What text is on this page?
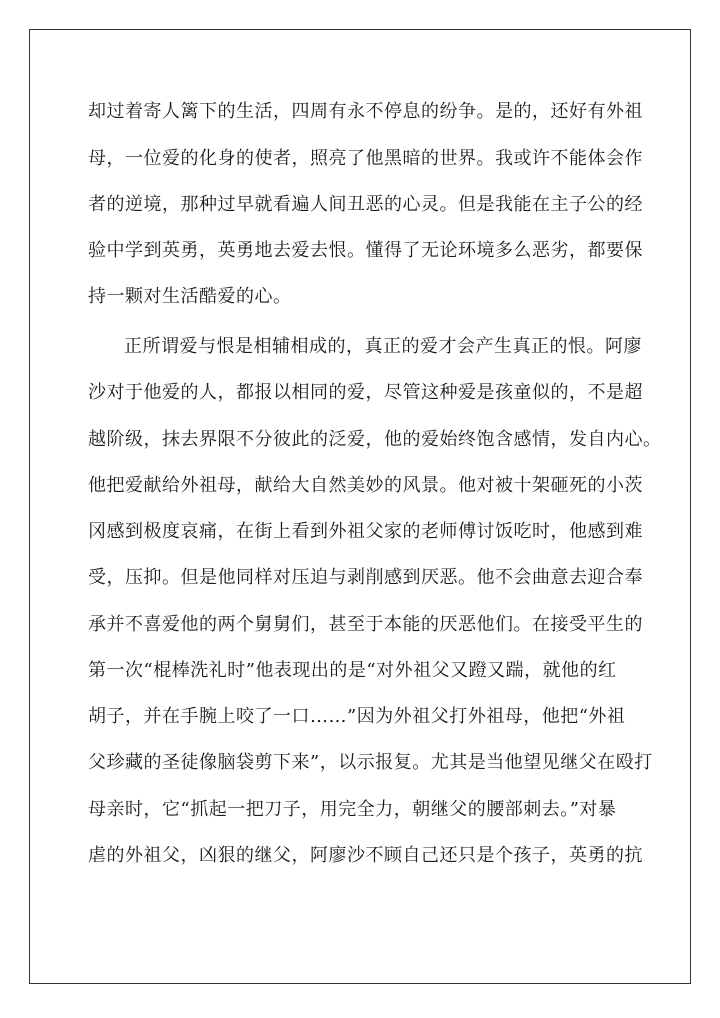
却过着寄人篱下的生活，四周有永不停息的纷争。是的，还好有外祖
母，一位爱的化身的使者，照亮了他黑暗的世界。我或许不能体会作
者的逆境，那种过早就看遍人间丑恶的心灵。但是我能在主子公的经
验中学到英勇，英勇地去爱去恨。懂得了无论环境多么恶劣，都要保
持一颗对生活酷爱的心。
正所谓爱与恨是相辅相成的，真正的爱才会产生真正的恨。阿廖
沙对于他爱的人，都报以相同的爱，尽管这种爱是孩童似的，不是超
越阶级，抹去界限不分彼此的泛爱，他的爱始终饱含感情，发自内心。
他把爱献给外祖母，献给大自然美妙的风景。他对被十架砸死的小茨
冈感到极度哀痛，在街上看到外祖父家的老师傅讨饭吃时，他感到难
受，压抑。但是他同样对压迫与剥削感到厌恶。他不会曲意去迎合奉
承并不喜爱他的两个舅舅们，甚至于本能的厌恶他们。在接受平生的
第一次“棍棒洗礼时”他表现出的是“对外祖父又蹬又踹，就他的红
胡子，并在手腕上咬了一口……”因为外祖父打外祖母，他把“外祖
父珍藏的圣徒像脑袋剪下来”，以示报复。尤其是当他望见继父在殴打
母亲时，它“抓起一把刀子，用完全力，朝继父的腰部刺去。”对暴
虐的外祖父，凶狠的继父，阿廖沙不顾自己还只是个孩子，英勇的抗
